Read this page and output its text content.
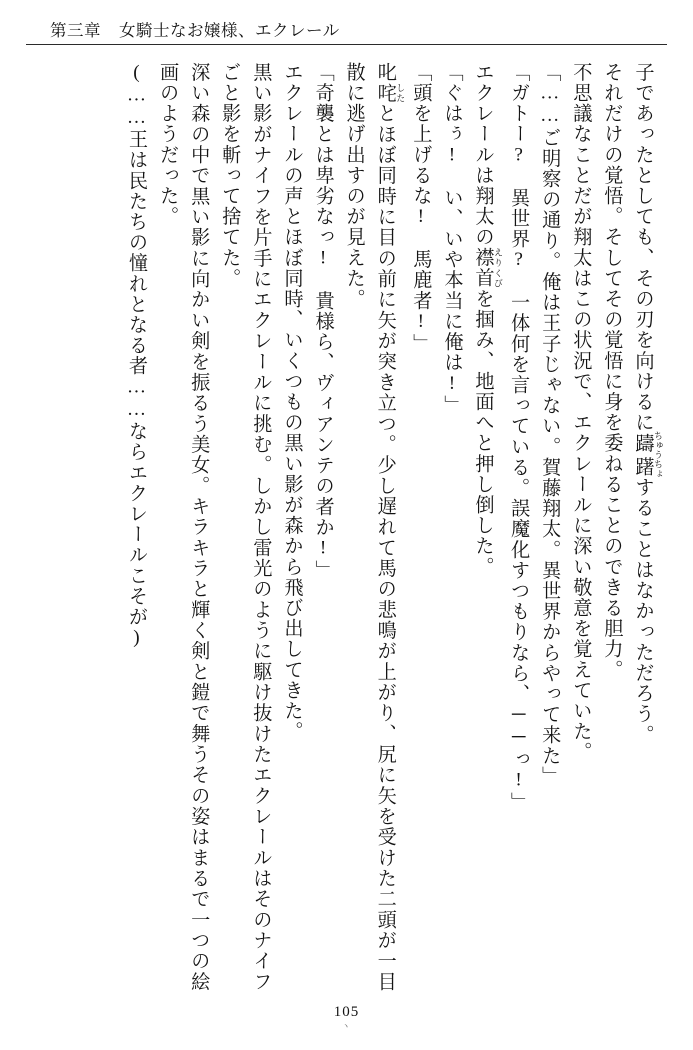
第三章 女騎士なお嬢様、エクレール

子であったとしても、その刃を向けるに躊躇 ちゅうちょすることはなかっただろう。

それだけの覚悟。そしてその覚悟に身を委ねることのできる胆力。

不思議なことだが翔太はこの状況で、エクレールに深い敬意を覚えていた。

「……ご明察の通り。俺は王子じゃない。賀藤翔太。異世界からやって来た」

「ガトー?　異世界?　一体何を言っている。誤魔化すつもりなら、──っ!」

エクレールは翔太の襟首 えりくびを掴み、地面へと押し倒した。

「ぐはぅ!　い、いや本当に俺は!」

「頭を上げるな!　馬鹿者!」

叱咤 したとほぼ同時に目の前に矢が突き立つ。少し遅れて馬の悲鳴が上がり、尻に矢を受けた二頭が一目散に逃げ出すのが見えた。

「奇襲とは卑劣なっ!　貴様ら、ヴィアンテの者か!」

エクレールの声とほぼ同時、いくつもの黒い影が森から飛び出してきた。

黒い影がナイフを片手にエクレールに挑む。しかし雷光のように駆け抜けたエクレールはそのナイフごと影を斬って捨てた。

深い森の中で黒い影に向かい剣を振るう美女。キラキラと輝く剣と鎧で舞うその姿はまるで一つの絵画のようだった。

(……王は民たちの憧れとなる者……ならエクレールこそが)

105
ヽ
